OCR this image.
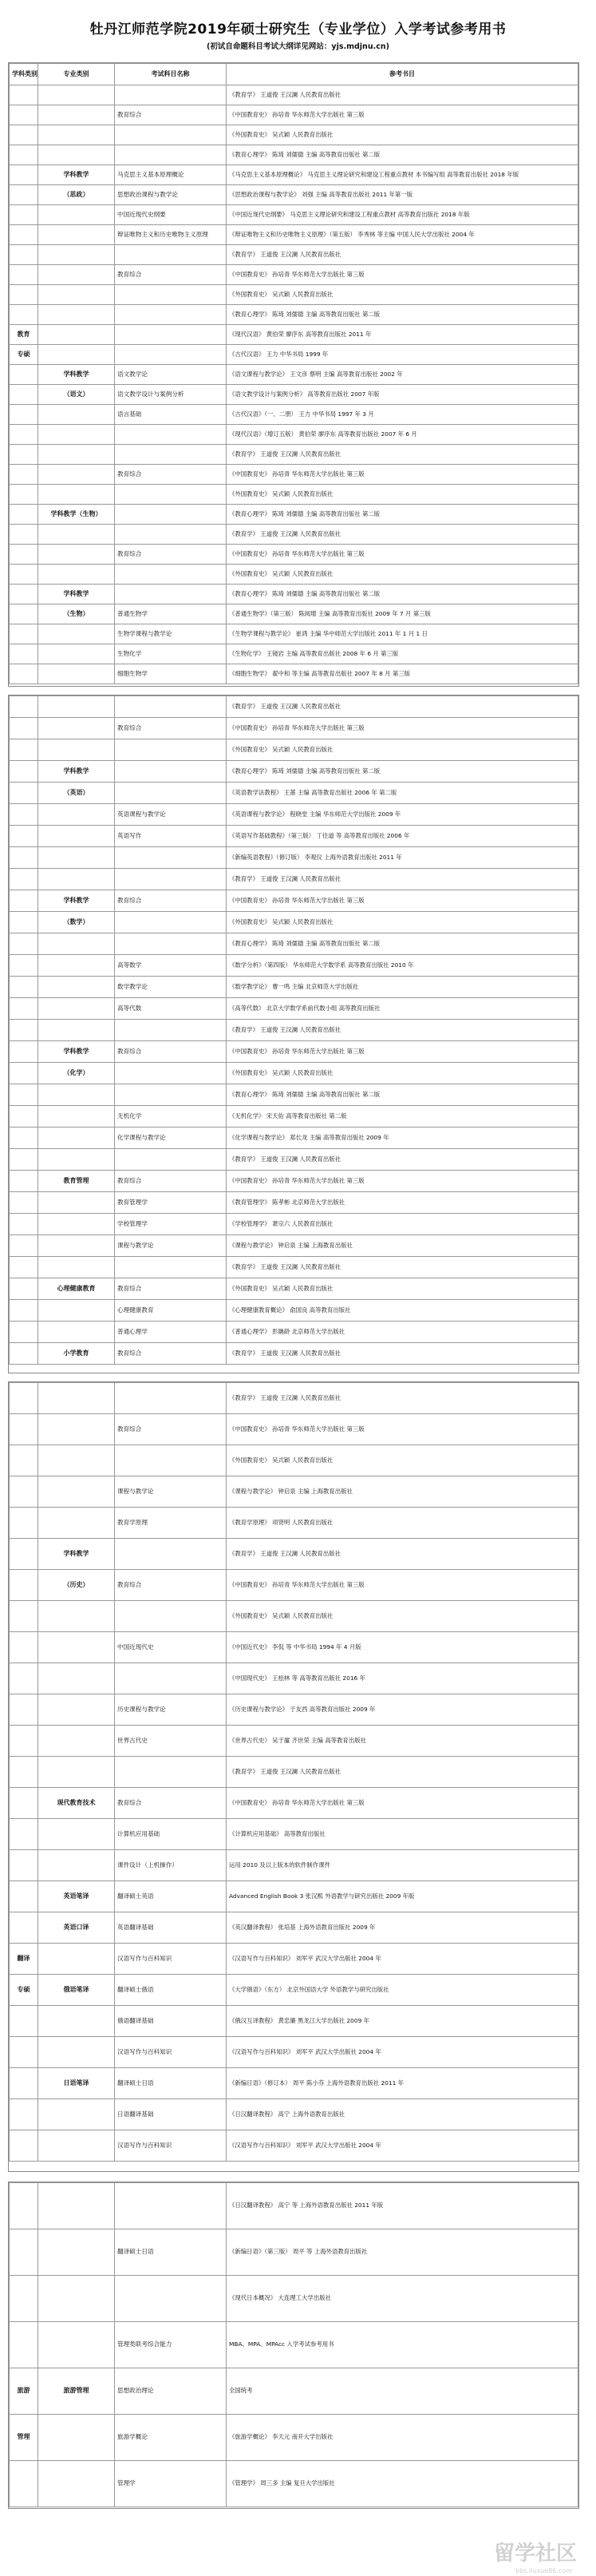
牡丹江师范学院2019年硕士研究生（专业学位）入学考试参考用书
(初试自命题科目考试大纲详见网站：yjs.mdjnu.cn)
学科类别	专业类别	考试科目名称	参考书目
			《教育学》 王道俊 王汉澜 人民教育出版社
		教育综合	《中国教育史》 孙培青 华东师范大学出版社 第三版
			《外国教育史》 吴式颖 人民教育出版社
			《教育心理学》 陈琦 刘儒德 主编 高等教育出版社 第二版
	学科教学	马克思主义基本原理概论	《马克思主义基本原理概论》 马克思主义理论研究和建设工程重点教材 本书编写组 高等教育出版社 2018 年版
	（思政）	思想政治课程与教学论	《思想政治课程与教学论》 刘强 主编 高等教育出版社 2011 年第一版
		中国近现代史纲要	《中国近现代史纲要》 马克思主义理论研究和建设工程重点教材 高等教育出版社 2018 年版
		辩证唯物主义和历史唯物主义原理	《辩证唯物主义和历史唯物主义原理》（第五版） 李秀林 等主编 中国人民大学出版社 2004 年
			《教育学》 王道俊 王汉澜 人民教育出版社
		教育综合	《中国教育史》 孙培青 华东师范大学出版社 第三版
			《外国教育史》 吴式颖 人民教育出版社
			《教育心理学》 陈琦 刘儒德 主编 高等教育出版社 第二版
教育			《现代汉语》 黄伯荣 廖序东 高等教育出版社 2011 年
专硕			《古代汉语》 王力 中华书局 1999 年
	学科教学	语文教学论	《语文课程与教学论》 王文彦 蔡明 主编 高等教育出版社 2002 年
	（语文）	语文教学设计与案例分析	《语文教学设计与案例分析》 高等教育出版社 2007 年版
		语言基础	《古代汉语》（一、二册） 王力 中华书局 1997 年 3 月
			《现代汉语》（增订五版） 黄伯荣 廖序东 高等教育出版社 2007 年 6 月
			《教育学》 王道俊 王汉澜 人民教育出版社
		教育综合	《中国教育史》 孙培青 华东师范大学出版社 第三版
			《外国教育史》 吴式颖 人民教育出版社
	学科教学（生物）		《教育心理学》 陈琦 刘儒德 主编 高等教育出版社 第二版
			《教育学》 王道俊 王汉澜 人民教育出版社
		教育综合	《中国教育史》 孙培青 华东师范大学出版社 第三版
			《外国教育史》 吴式颖 人民教育出版社
	学科教学		《教育心理学》 陈琦 刘儒德 主编 高等教育出版社 第二版
	（生物）	普通生物学	《普通生物学》（第三版） 陈阅增 主编 高等教育出版社 2009 年 7 月 第三版
		生物学课程与教学论	《生物学课程与教学论》 崔鸿 主编 华中师范大学出版社 2011 年 1 月 1 日
		生物化学	《生物化学》 王镜岩 主编 高等教育出版社 2008 年 6 月 第三版
		细胞生物学	《细胞生物学》 翟中和 等主编 高等教育出版社 2007 年 8 月 第三版
			《教育学》 王道俊 王汉澜 人民教育出版社
		教育综合	《中国教育史》 孙培青 华东师范大学出版社 第三版
			《外国教育史》 吴式颖 人民教育出版社
	学科教学		《教育心理学》 陈琦 刘儒德 主编 高等教育出版社 第二版
	（英语）		《英语教学法教程》 王蔷 主编 高等教育出版社 2006 年 第二版
		英语课程与教学论	《英语课程与教学论》 程晓堂 主编 华东师范大学出版社 2009 年
		英语写作	《英语写作基础教程》（第三版） 丁往道 等 高等教育出版社 2006 年
			《新编英语教程》（修订版） 李观仪 上海外语教育出版社 2011 年
			《教育学》 王道俊 王汉澜 人民教育出版社
	学科教学	教育综合	《中国教育史》 孙培青 华东师范大学出版社 第三版
	（数学）		《外国教育史》 吴式颖 人民教育出版社
			《教育心理学》 陈琦 刘儒德 主编 高等教育出版社 第二版
		高等数学	《数学分析》（第四版） 华东师范大学数学系 高等教育出版社 2010 年
		数学教学论	《数学教学论》 曹一鸣 主编 北京师范大学出版社
		高等代数	《高等代数》 北京大学数学系前代数小组 高等教育出版社
			《教育学》 王道俊 王汉澜 人民教育出版社
	学科教学	教育综合	《中国教育史》 孙培青 华东师范大学出版社 第三版
	（化学）		《外国教育史》 吴式颖 人民教育出版社
			《教育心理学》 陈琦 刘儒德 主编 高等教育出版社 第二版
		无机化学	《无机化学》 宋天佑 高等教育出版社 第二版
		化学课程与教学论	《化学课程与教学论》 郑长龙 主编 高等教育出版社 2009 年
			《教育学》 王道俊 王汉澜 人民教育出版社
	教育管理	教育综合	《中国教育史》 孙培青 华东师范大学出版社 第三版
		教育管理学	《教育管理学》 陈孝彬 北京师范大学出版社
		学校管理学	《学校管理学》 萧宗六 人民教育出版社
		课程与教学论	《课程与教学论》 钟启泉 主编 上海教育出版社
			《教育学》 王道俊 王汉澜 人民教育出版社
	心理健康教育	教育综合	《外国教育史》 吴式颖 人民教育出版社
		心理健康教育	《心理健康教育概论》 俞国良 高等教育出版社
		普通心理学	《普通心理学》 彭聃龄 北京师范大学出版社
	小学教育	教育综合	《教育学》 王道俊 王汉澜 人民教育出版社
			《教育学》 王道俊 王汉澜 人民教育出版社
		教育综合	《中国教育史》 孙培青 华东师范大学出版社 第三版
			《外国教育史》 吴式颖 人民教育出版社
		课程与教学论	《课程与教学论》 钟启泉 主编 上海教育出版社
		教育学原理	《教育学原理》 项贤明 人民教育出版社
	学科教学		《教育学》 王道俊 王汉澜 人民教育出版社
	（历史）	教育综合	《中国教育史》 孙培青 华东师范大学出版社 第三版
			《外国教育史》 吴式颖 人民教育出版社
		中国近现代史	《中国近代史》 李侃 等 中华书局 1994 年 4 月版
			《中国现代史》 王桧林 等 高等教育出版社 2016 年
		历史课程与教学论	《历史课程与教学论》 于友西 高等教育出版社 2009 年
		世界古代史	《世界古代史》 吴于廑 齐世荣 主编 高等教育出版社
			《教育学》 王道俊 王汉澜 人民教育出版社
	现代教育技术	教育综合	《中国教育史》 孙培青 华东师范大学出版社 第三版
		计算机应用基础	《计算机应用基础》 高等教育出版社
		课件设计（上机操作）	运用 2010 及以上版本的软件制作课件
	英语笔译	翻译硕士英语	Advanced English Book 3 张汉熙 外语教学与研究出版社 2009 年版
	英语口译	英语翻译基础	《英汉翻译教程》 张培基 上海外语教育出版社 2009 年
翻译		汉语写作与百科知识	《汉语写作与百科知识》 刘军平 武汉大学出版社 2004 年
专硕	俄语笔译	翻译硕士俄语	《大学俄语》（东方） 北京外国语大学 外语教学与研究出版社
		俄语翻译基础	《俄汉互译教程》 黄忠廉 黑龙江大学出版社 2009 年
		汉语写作与百科知识	《汉语写作与百科知识》 刘军平 武汉大学出版社 2004 年
	日语笔译	翻译硕士日语	《新编日语》（修订本） 周平 陈小芬 上海外语教育出版社 2011 年
		日语翻译基础	《日汉翻译教程》 高宁 上海外语教育出版社
		汉语写作与百科知识	《汉语写作与百科知识》 刘军平 武汉大学出版社 2004 年
			《日汉翻译教程》 高宁 等 上海外语教育出版社 2011 年版
		翻译硕士日语	《新编日语》（第三版） 周平 等 上海外语教育出版社
			《现代日本概况》 大连理工大学出版社
		管理类联考综合能力	MBA、MPA、MPAcc 入学考试参考用书
旅游	旅游管理	思想政治理论	全国统考
管理		旅游学概论	《旅游学概论》 李天元 南开大学出版社
		管理学	《管理学》 周三多 主编 复旦大学出版社
留学社区
bbs.liuxue86.com
